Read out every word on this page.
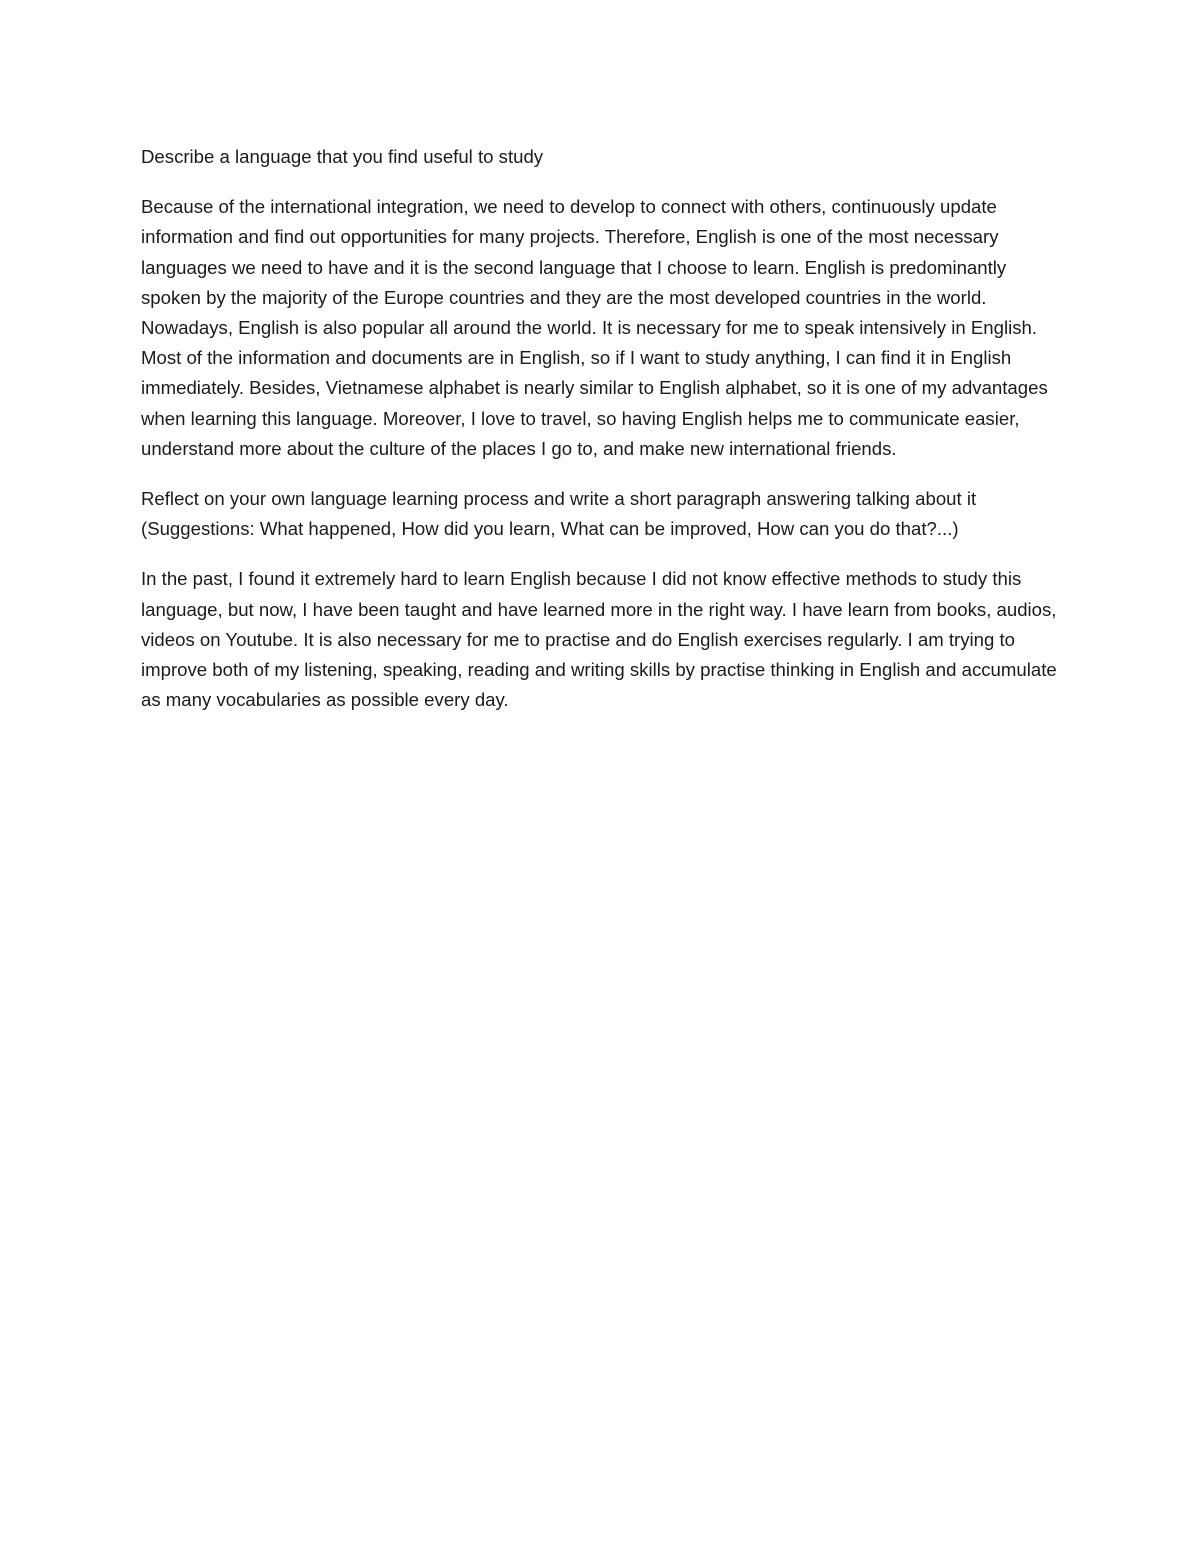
Describe a language that you find useful to study

Because of the international integration, we need to develop to connect with others, continuously update information and find out opportunities for many projects. Therefore, English is one of the most necessary languages we need to have and it is the second language that I choose to learn. English is predominantly spoken by the majority of the Europe countries and they are the most developed countries in the world. Nowadays, English is also popular all around the world. It is necessary for me to speak intensively in English. Most of the information and documents are in English, so if I want to study anything, I can find it in English immediately. Besides, Vietnamese alphabet is nearly similar to English alphabet, so it is one of my advantages when learning this language. Moreover, I love to travel, so having English helps me to communicate easier, understand more about the culture of the places I go to, and make new international friends.

Reflect on your own language learning process and write a short paragraph answering talking about it (Suggestions: What happened, How did you learn, What can be improved, How can you do that?...)

In the past, I found it extremely hard to learn English because I did not know effective methods to study this language, but now, I have been taught and have learned more in the right way. I have learn from books, audios, videos on Youtube. It is also necessary for me to practise and do English exercises regularly. I am trying to improve both of my listening, speaking, reading and writing skills by practise thinking in English and accumulate as many vocabularies as possible every day.
